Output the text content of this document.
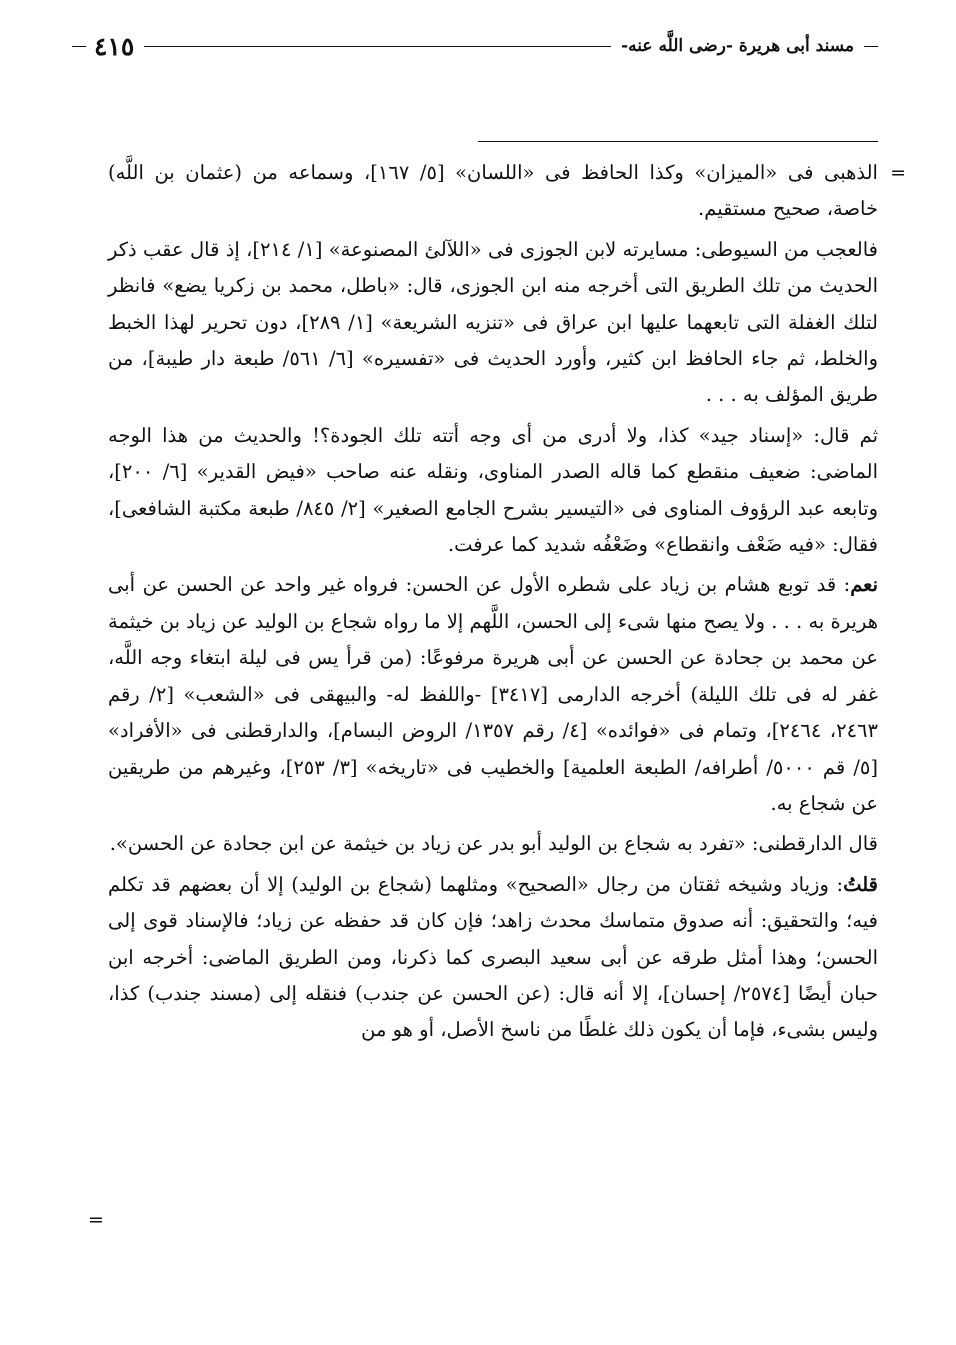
٤١٥	مسند أبى هريرة -رضى اللَّه عنه-

=
الذهبى فى «الميزان» وكذا الحافظ فى «اللسان» [٥/ ١٦٧]، وسماعه من (عثمان بن اللَّه) خاصة، صحيح مستقيم.

فالعجب من السيوطى: مسايرته لابن الجوزى فى «اللآلئ المصنوعة» [١/ ٢١٤]، إذ قال عقب ذكر الحديث من تلك الطريق التى أخرجه منه ابن الجوزى، قال: «باطل، محمد بن زكريا يضع» فانظر لتلك الغفلة التى تابعهما عليها ابن عراق فى «تنزيه الشريعة» [١/ ٢٨٩]، دون تحرير لهذا الخبط والخلط، ثم جاء الحافظ ابن كثير، وأورد الحديث فى «تفسيره» [٦/ ٥٦١/ طبعة دار طيبة]، من طريق المؤلف به . . .

ثم قال: «إسناد جيد» كذا، ولا أدرى من أى وجه أتته تلك الجودة؟! والحديث من هذا الوجه الماضى: ضعيف منقطع كما قاله الصدر المناوى، ونقله عنه صاحب «فيض القدير» [٦/ ٢٠٠]، وتابعه عبد الرؤوف المناوى فى «التيسير بشرح الجامع الصغير» [٢/ ٨٤٥/ طبعة مكتبة الشافعى]، فقال: «فيه ضَعْف وانقطاع» وضَعْفُه شديد كما عرفت.

نعم: قد توبع هشام بن زياد على شطره الأول عن الحسن: فرواه غير واحد عن الحسن عن أبى هريرة به . . . ولا يصح منها شىء إلى الحسن، اللَّهم إلا ما رواه شجاع بن الوليد عن زياد بن خيثمة عن محمد بن جحادة عن الحسن عن أبى هريرة مرفوعًا: (من قرأ يس فى ليلة ابتغاء وجه اللَّه، غفر له فى تلك الليلة) أخرجه الدارمى [٣٤١٧] -واللفظ له- والبيهقى فى «الشعب» [٢/ رقم ٢٤٦٣، ٢٤٦٤]، وتمام فى «فوائده» [٤/ رقم ١٣٥٧/ الروض البسام]، والدارقطنى فى «الأفراد» [٥/ قم ٥٠٠٠/ أطرافه/ الطبعة العلمية] والخطيب فى «تاريخه» [٣/ ٢٥٣]، وغيرهم من طريقين عن شجاع به.

قال الدارقطنى: «تفرد به شجاع بن الوليد أبو بدر عن زياد بن خيثمة عن ابن جحادة عن الحسن».

قلتُ: وزياد وشيخه ثقتان من رجال «الصحيح» ومثلهما (شجاع بن الوليد) إلا أن بعضهم قد تكلم فيه؛ والتحقيق: أنه صدوق متماسك محدث زاهد؛ فإن كان قد حفظه عن زياد؛ فالإسناد قوى إلى الحسن؛ وهذا أمثل طرقه عن أبى سعيد البصرى كما ذكرنا، ومن الطريق الماضى: أخرجه ابن حبان أيضًا [٢٥٧٤/ إحسان]، إلا أنه قال: (عن الحسن عن جندب) فنقله إلى (مسند جندب) كذا، وليس بشىء، فإما أن يكون ذلك غلطًا من ناسخ الأصل، أو هو من

=
